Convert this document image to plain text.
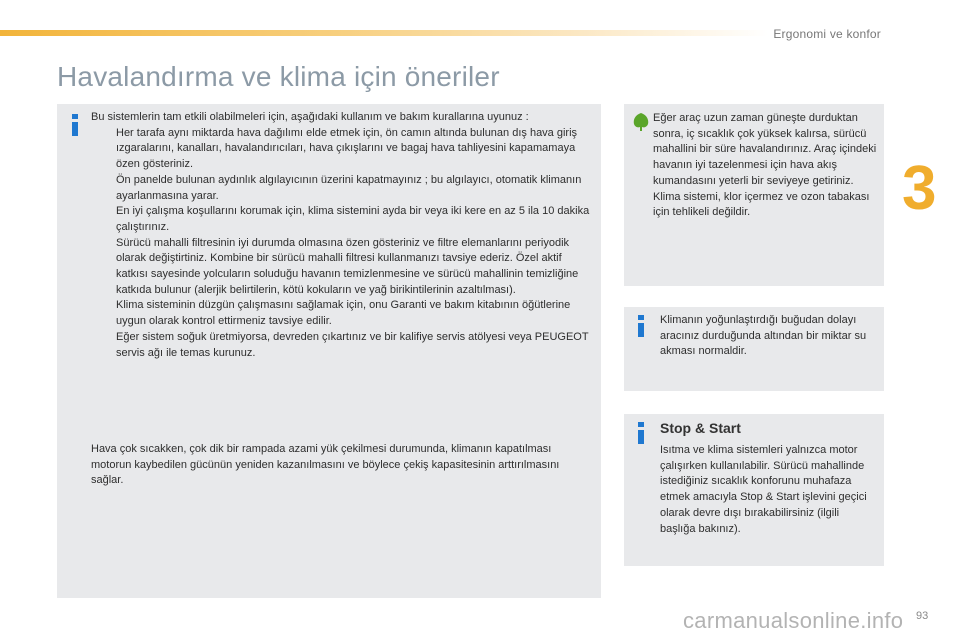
Ergonomi ve konfor
3
Havalandırma ve klima için öneriler

Bu sistemlerin tam etkili olabilmeleri için, aşağıdaki kullanım ve bakım kurallarına uyunuz :

Her tarafa aynı miktarda hava dağılımı elde etmek için, ön camın altında bulunan dış hava giriş ızgaralarını, kanalları, havalandırıcıları, hava çıkışlarını ve bagaj hava tahliyesini kapamamaya özen gösteriniz.
Ön panelde bulunan aydınlık algılayıcının üzerini kapatmayınız ; bu algılayıcı, otomatik klimanın ayarlanmasına yarar.
En iyi çalışma koşullarını korumak için, klima sistemini ayda bir veya iki kere en az 5 ila 10 dakika çalıştırınız.
Sürücü mahalli filtresinin iyi durumda olmasına özen gösteriniz ve filtre elemanlarını periyodik olarak değiştirtiniz. Kombine bir sürücü mahalli filtresi kullanmanızı tavsiye ederiz. Özel aktif katkısı sayesinde yolcuların soluduğu havanın temizlenmesine ve sürücü mahallinin temizliğine katkıda bulunur (alerjik belirtilerin, kötü kokuların ve yağ birikintilerinin azaltılması).
Klima sisteminin düzgün çalışmasını sağlamak için, onu Garanti ve bakım kitabının öğütlerine uygun olarak kontrol ettirmeniz tavsiye edilir.
Eğer sistem soğuk üretmiyorsa, devreden çıkartınız ve bir kalifiye servis atölyesi veya PEUGEOT servis ağı ile temas kurunuz.

Hava çok sıcakken, çok dik bir rampada azami yük çekilmesi durumunda, klimanın kapatılması motorun kaybedilen gücünün yeniden kazanılmasını ve böylece çekiş kapasitesinin arttırılmasını sağlar.

Eğer araç uzun zaman güneşte durduktan sonra, iç sıcaklık çok yüksek kalırsa, sürücü mahallini bir süre havalandırınız. Araç içindeki havanın iyi tazelenmesi için hava akış kumandasını yeterli bir seviyeye getiriniz. Klima sistemi, klor içermez ve ozon tabakası için tehlikeli değildir.

Klimanın yoğunlaştırdığı buğudan dolayı aracınız durduğunda altından bir miktar su akması normaldir.

Stop & Start

Isıtma ve klima sistemleri yalnızca motor çalışırken kullanılabilir. Sürücü mahallinde istediğiniz sıcaklık konforunu muhafaza etmek amacıyla Stop & Start işlevini geçici olarak devre dışı bırakabilirsiniz (ilgili başlığa bakınız).

carmanualsonline.info 93
